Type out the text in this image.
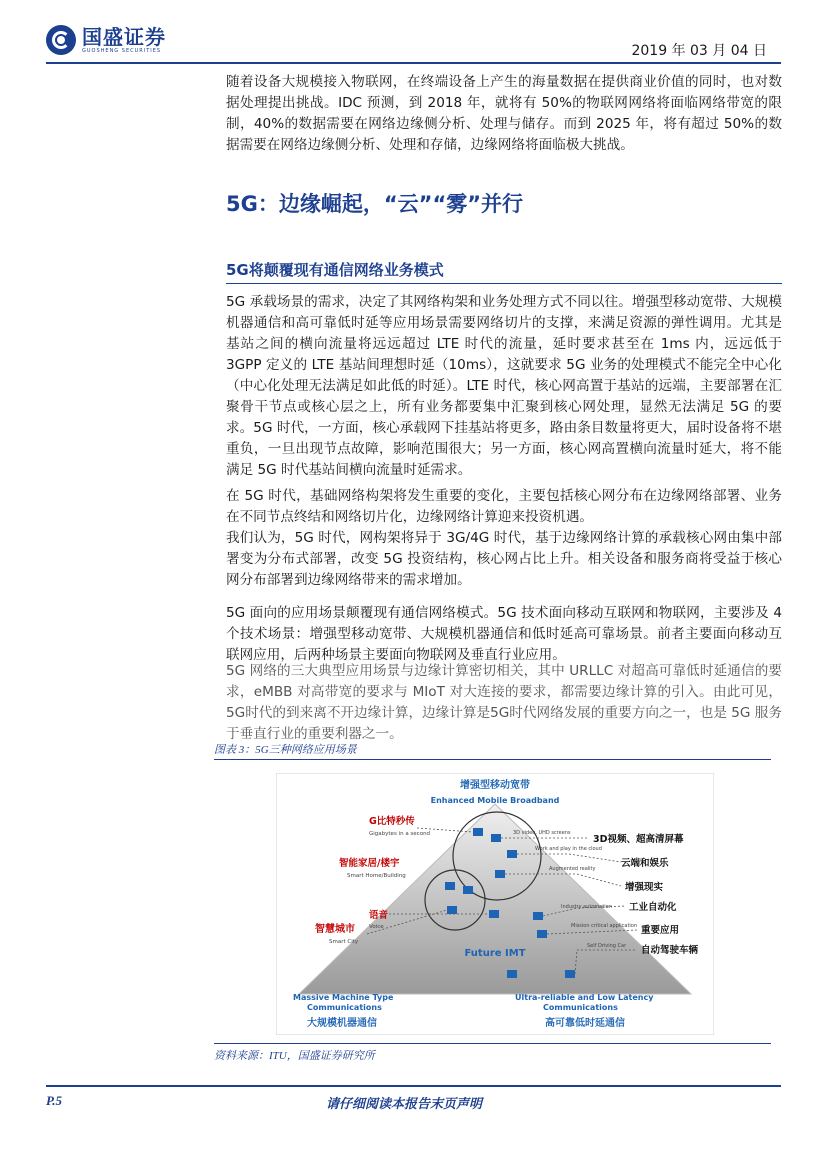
国盛证券
GUOSHENG SECURITIES	2019 年 03 月 04 日

随着设备大规模接入物联网，在终端设备上产生的海量数据在提供商业价值的同时，也对数据处理提出挑战。IDC 预测，到 2018 年，就将有 50%的物联网网络将面临网络带宽的限制，40%的数据需要在网络边缘侧分析、处理与储存。而到 2025 年，将有超过 50%的数据需要在网络边缘侧分析、处理和存储，边缘网络将面临极大挑战。

5G：边缘崛起，“云”“雾”并行
5G将颠覆现有通信网络业务模式

5G 承载场景的需求，决定了其网络构架和业务处理方式不同以往。增强型移动宽带、大规模机器通信和高可靠低时延等应用场景需要网络切片的支撑，来满足资源的弹性调用。尤其是基站之间的横向流量将远远超过 LTE 时代的流量，延时要求甚至在 1ms 内，远远低于 3GPP 定义的 LTE 基站间理想时延（10ms），这就要求 5G 业务的处理模式不能完全中心化（中心化处理无法满足如此低的时延）。LTE 时代，核心网高置于基站的远端，主要部署在汇聚骨干节点或核心层之上，所有业务都要集中汇聚到核心网处理，显然无法满足 5G 的要求。5G 时代，一方面，核心承载网下挂基站将更多，路由条目数量将更大，届时设备将不堪重负，一旦出现节点故障，影响范围很大；另一方面，核心网高置横向流量时延大，将不能满足 5G 时代基站间横向流量时延需求。

在 5G 时代，基础网络构架将发生重要的变化，主要包括核心网分布在边缘网络部署、业务在不同节点终结和网络切片化，边缘网络计算迎来投资机遇。

我们认为，5G 时代，网构架将异于 3G/4G 时代，基于边缘网络计算的承载核心网由集中部署变为分布式部署，改变 5G 投资结构，核心网占比上升。相关设备和服务商将受益于核心网分布部署到边缘网络带来的需求增加。

5G 面向的应用场景颠覆现有通信网络模式。5G 技术面向移动互联网和物联网，主要涉及 4 个技术场景：增强型移动宽带、大规模机器通信和低时延高可靠场景。前者主要面向移动互联网应用，后两种场景主要面向物联网及垂直行业应用。

5G 网络的三大典型应用场景与边缘计算密切相关，其中 URLLC 对超高可靠低时延通信的要求，eMBB 对高带宽的要求与 MIoT 对大连接的要求，都需要边缘计算的引入。由此可见，5G时代的到来离不开边缘计算，边缘计算是5G时代网络发展的重要方向之一，也是 5G 服务于垂直行业的重要利器之一。

图表 3：5G三种网络应用场景
增强型移动宽带
Enhanced Mobile Broadband
G比特秒传
Gigabytes in a second
智能家居/楼宇
Smart Home/Building
语音
Voice
智慧城市
Smart City
3D video, UHD screens
3D视频、超高清屏幕
Work and play in the cloud
云端和娱乐
Augmented reality
增强现实
Industry automation 工业自动化
Mission critical application 重要应用
Self Driving Car 自动驾驶车辆
Future IMT
Massive Machine Type
Communications
大规模机器通信
Ultra-reliable and Low Latency
Communications
高可靠低时延通信
资料来源：ITU，国盛证券研究所
P.5	请仔细阅读本报告末页声明
